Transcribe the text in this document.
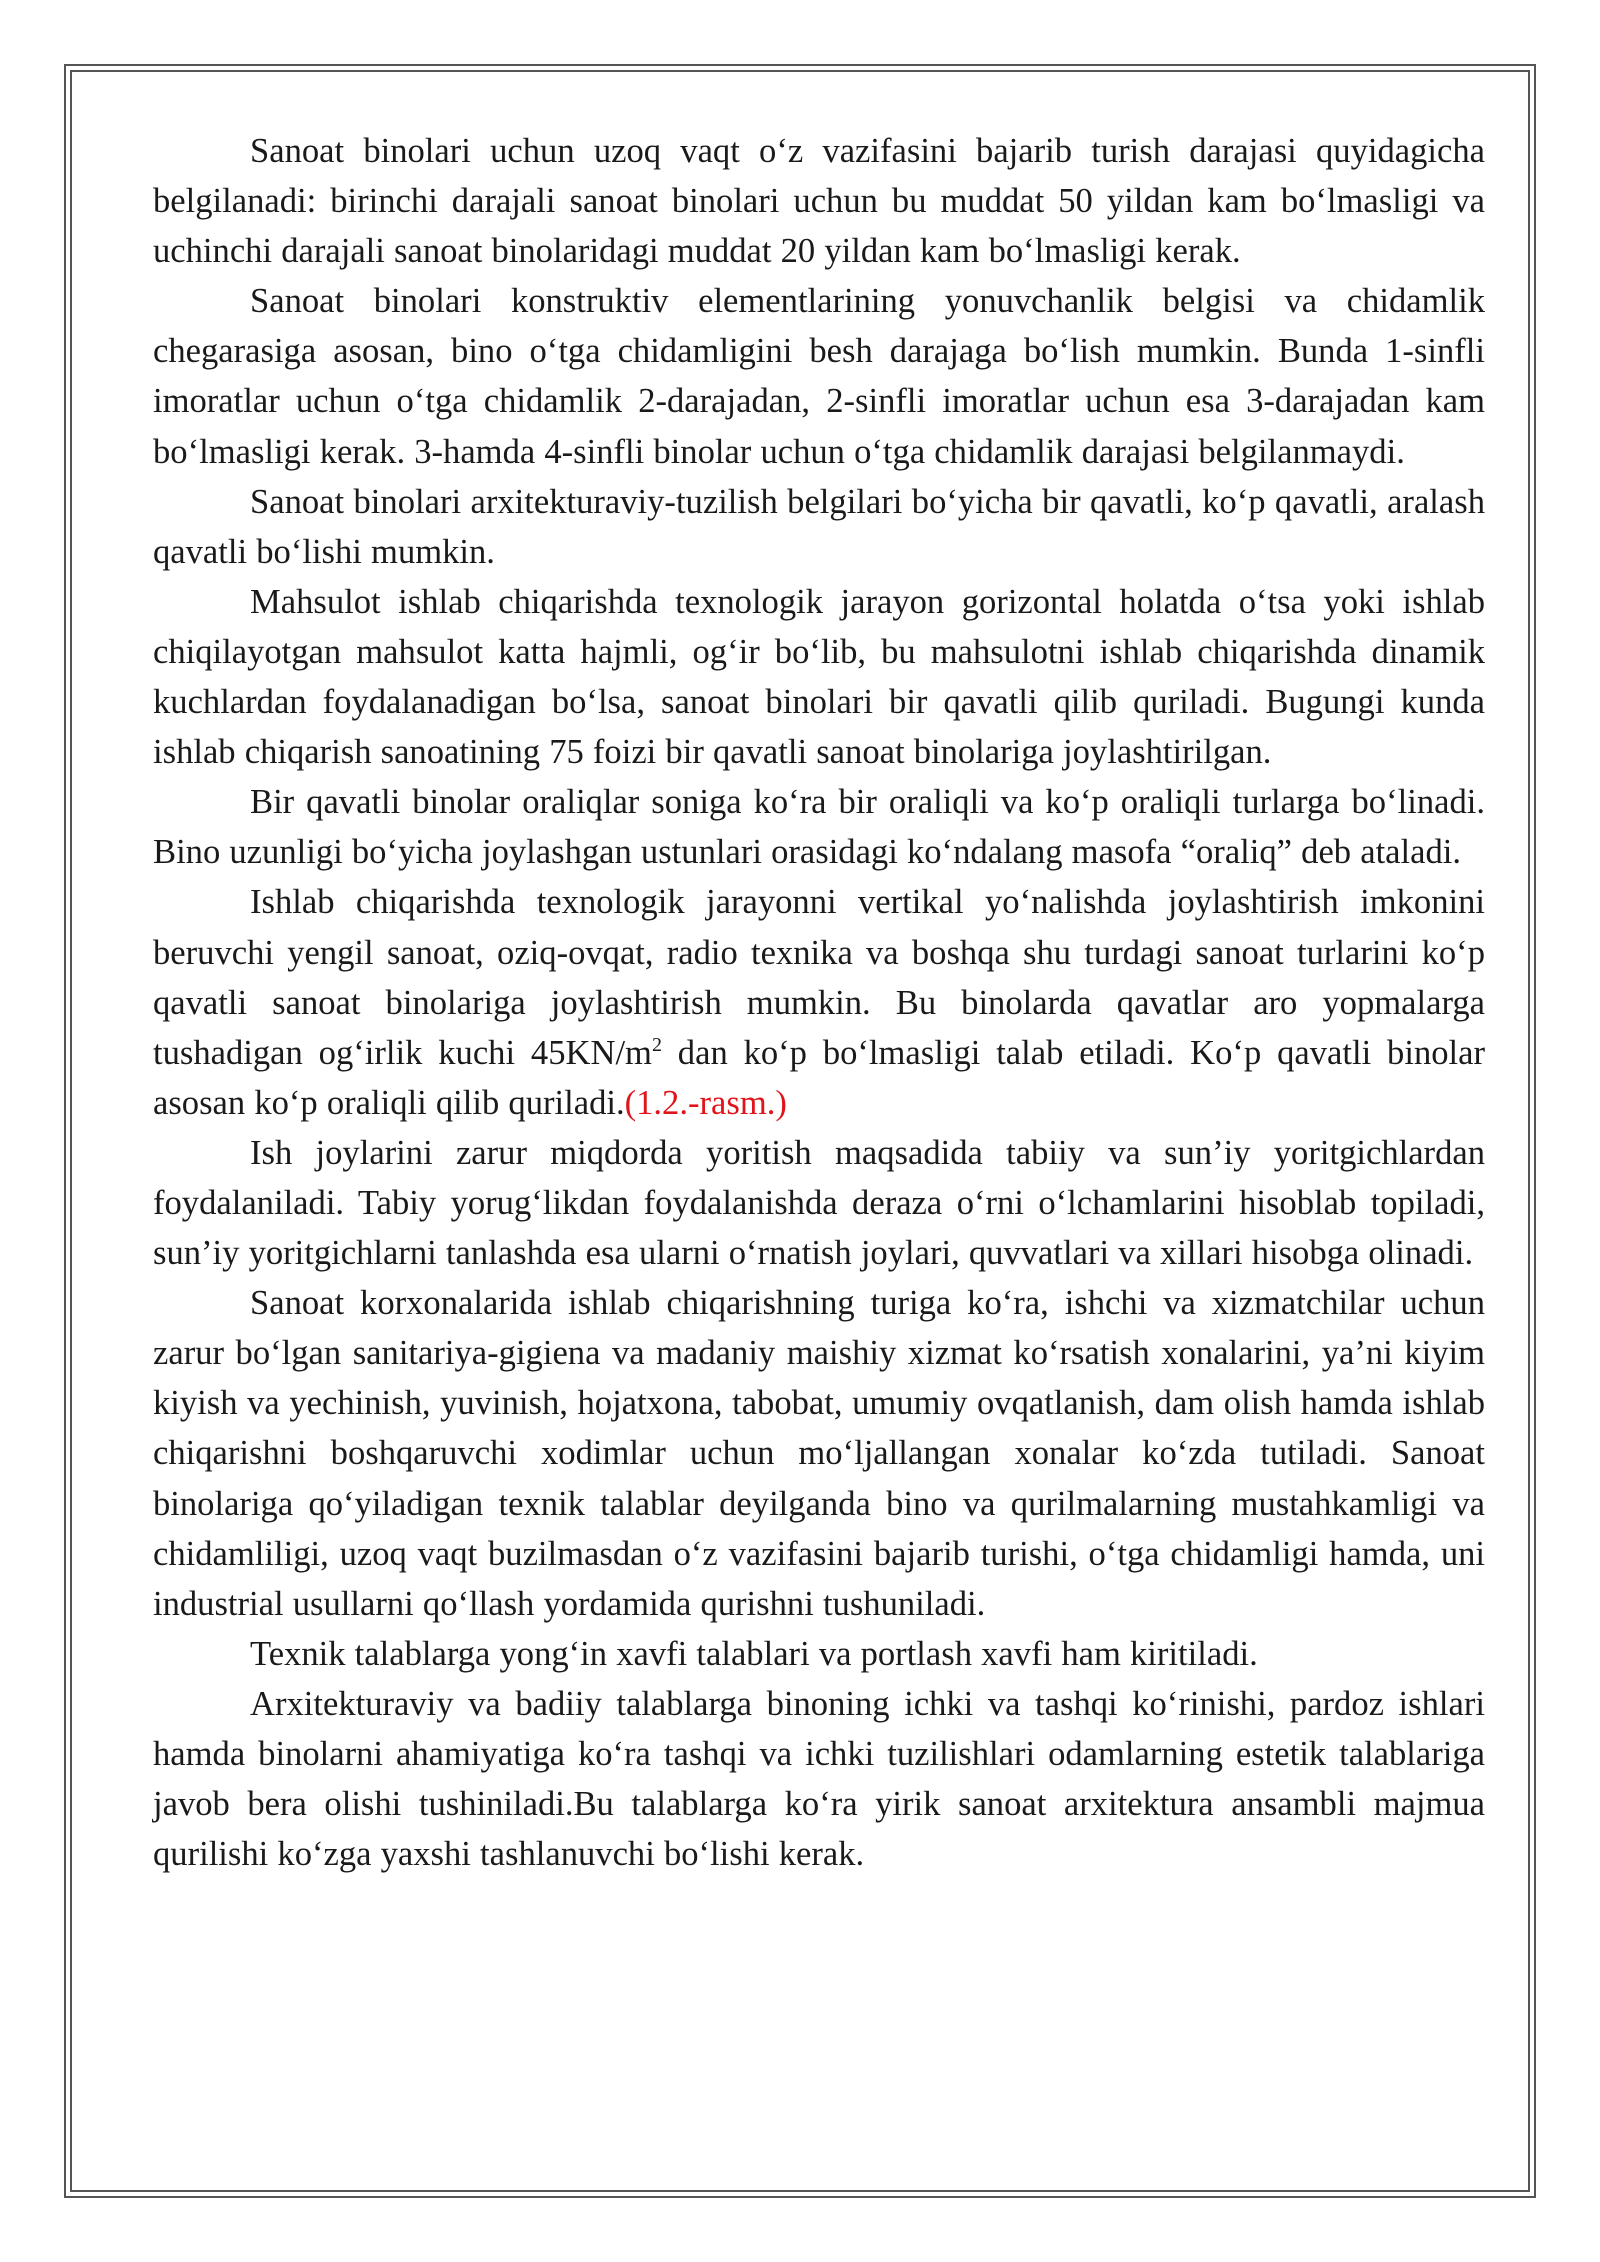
Sanoat binolari uchun uzoq vaqt o‘z vazifasini bajarib turish darajasi quyidagicha belgilanadi: birinchi darajali sanoat binolari uchun bu muddat 50 yildan kam bo‘lmasligi va uchinchi darajali sanoat binolaridagi muddat 20 yildan kam bo‘lmasligi kerak.

Sanoat binolari konstruktiv elementlarining yonuvchanlik belgisi va chidamlik chegarasiga asosan, bino o‘tga chidamligini besh darajaga bo‘lish mumkin. Bunda 1-sinfli imoratlar uchun o‘tga chidamlik 2-darajadan, 2-sinfli imoratlar uchun esa 3-darajadan kam bo‘lmasligi kerak. 3-hamda 4-sinfli binolar uchun o‘tga chidamlik darajasi belgilanmaydi.

Sanoat binolari arxitekturaviy-tuzilish belgilari bo‘yicha bir qavatli, ko‘p qavatli, aralash qavatli bo‘lishi mumkin.

Mahsulot ishlab chiqarishda texnologik jarayon gorizontal holatda o‘tsa yoki ishlab chiqilayotgan mahsulot katta hajmli, og‘ir bo‘lib, bu mahsulotni ishlab chiqarishda dinamik kuchlardan foydalanadigan bo‘lsa, sanoat binolari bir qavatli qilib quriladi. Bugungi kunda ishlab chiqarish sanoatining 75 foizi bir qavatli sanoat binolariga joylashtirilgan.

Bir qavatli binolar oraliqlar soniga ko‘ra bir oraliqli va ko‘p oraliqli turlarga bo‘linadi. Bino uzunligi bo‘yicha joylashgan ustunlari orasidagi ko‘ndalang masofa “oraliq” deb ataladi.

Ishlab chiqarishda texnologik jarayonni vertikal yo‘nalishda joylashtirish imkonini beruvchi yengil sanoat, oziq-ovqat, radio texnika va boshqa shu turdagi sanoat turlarini ko‘p qavatli sanoat binolariga joylashtirish mumkin. Bu binolarda qavatlar aro yopmalarga tushadigan og‘irlik kuchi $45KN/m^2$ dan ko‘p bo‘lmasligi talab etiladi. Ko‘p qavatli binolar asosan ko‘p oraliqli qilib quriladi.(1.2.-rasm.)

Ish joylarini zarur miqdorda yoritish maqsadida tabiiy va sun’iy yoritgichlardan foydalaniladi. Tabiy yorug‘likdan foydalanishda deraza o‘rni o‘lchamlarini hisoblab topiladi, sun’iy yoritgichlarni tanlashda esa ularni o‘rnatish joylari, quvvatlari va xillari hisobga olinadi.

Sanoat korxonalarida ishlab chiqarishning turiga ko‘ra, ishchi va xizmatchilar uchun zarur bo‘lgan sanitariya-gigiena va madaniy maishiy xizmat ko‘rsatish xonalarini, ya’ni kiyim kiyish va yechinish, yuvinish, hojatxona, tabobat, umumiy ovqatlanish, dam olish hamda ishlab chiqarishni boshqaruvchi xodimlar uchun mo‘ljallangan xonalar ko‘zda tutiladi. Sanoat binolariga qo‘yiladigan texnik talablar deyilganda bino va qurilmalarning mustahkamligi va chidamliligi, uzoq vaqt buzilmasdan o‘z vazifasini bajarib turishi, o‘tga chidamligi hamda, uni industrial usullarni qo‘llash yordamida qurishni tushuniladi.

Texnik talablarga yong‘in xavfi talablari va portlash xavfi ham kiritiladi.

Arxitekturaviy va badiiy talablarga binoning ichki va tashqi ko‘rinishi, pardoz ishlari hamda binolarni ahamiyatiga ko‘ra tashqi va ichki tuzilishlari odamlarning estetik talablariga javob bera olishi tushiniladi.Bu talablarga ko‘ra yirik sanoat arxitektura ansambli majmua qurilishi ko‘zga yaxshi tashlanuvchi bo‘lishi kerak.
